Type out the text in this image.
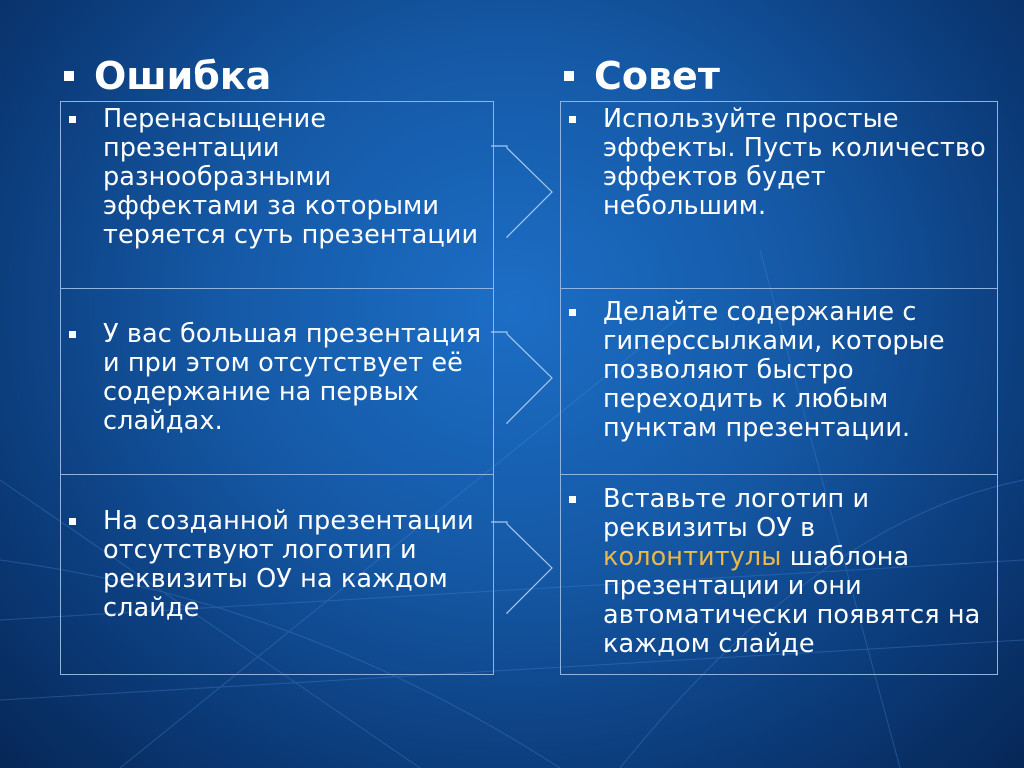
Ошибка	Совет
Перенасыщение презентации разнообразными эффектами за которыми теряется суть презентации
У вас большая презентация и при этом отсутствует её содержание на первых слайдах.
На созданной презентации отсутствуют логотип и реквизиты ОУ на каждом слайде
Используйте простые эффекты. Пусть количество эффектов будет небольшим.
Делайте содержание с гиперссылками, которые позволяют быстро переходить к любым пунктам презентации.
Вставьте логотип и реквизиты ОУ в колонтитулы шаблона презентации и они автоматически появятся на каждом слайде
